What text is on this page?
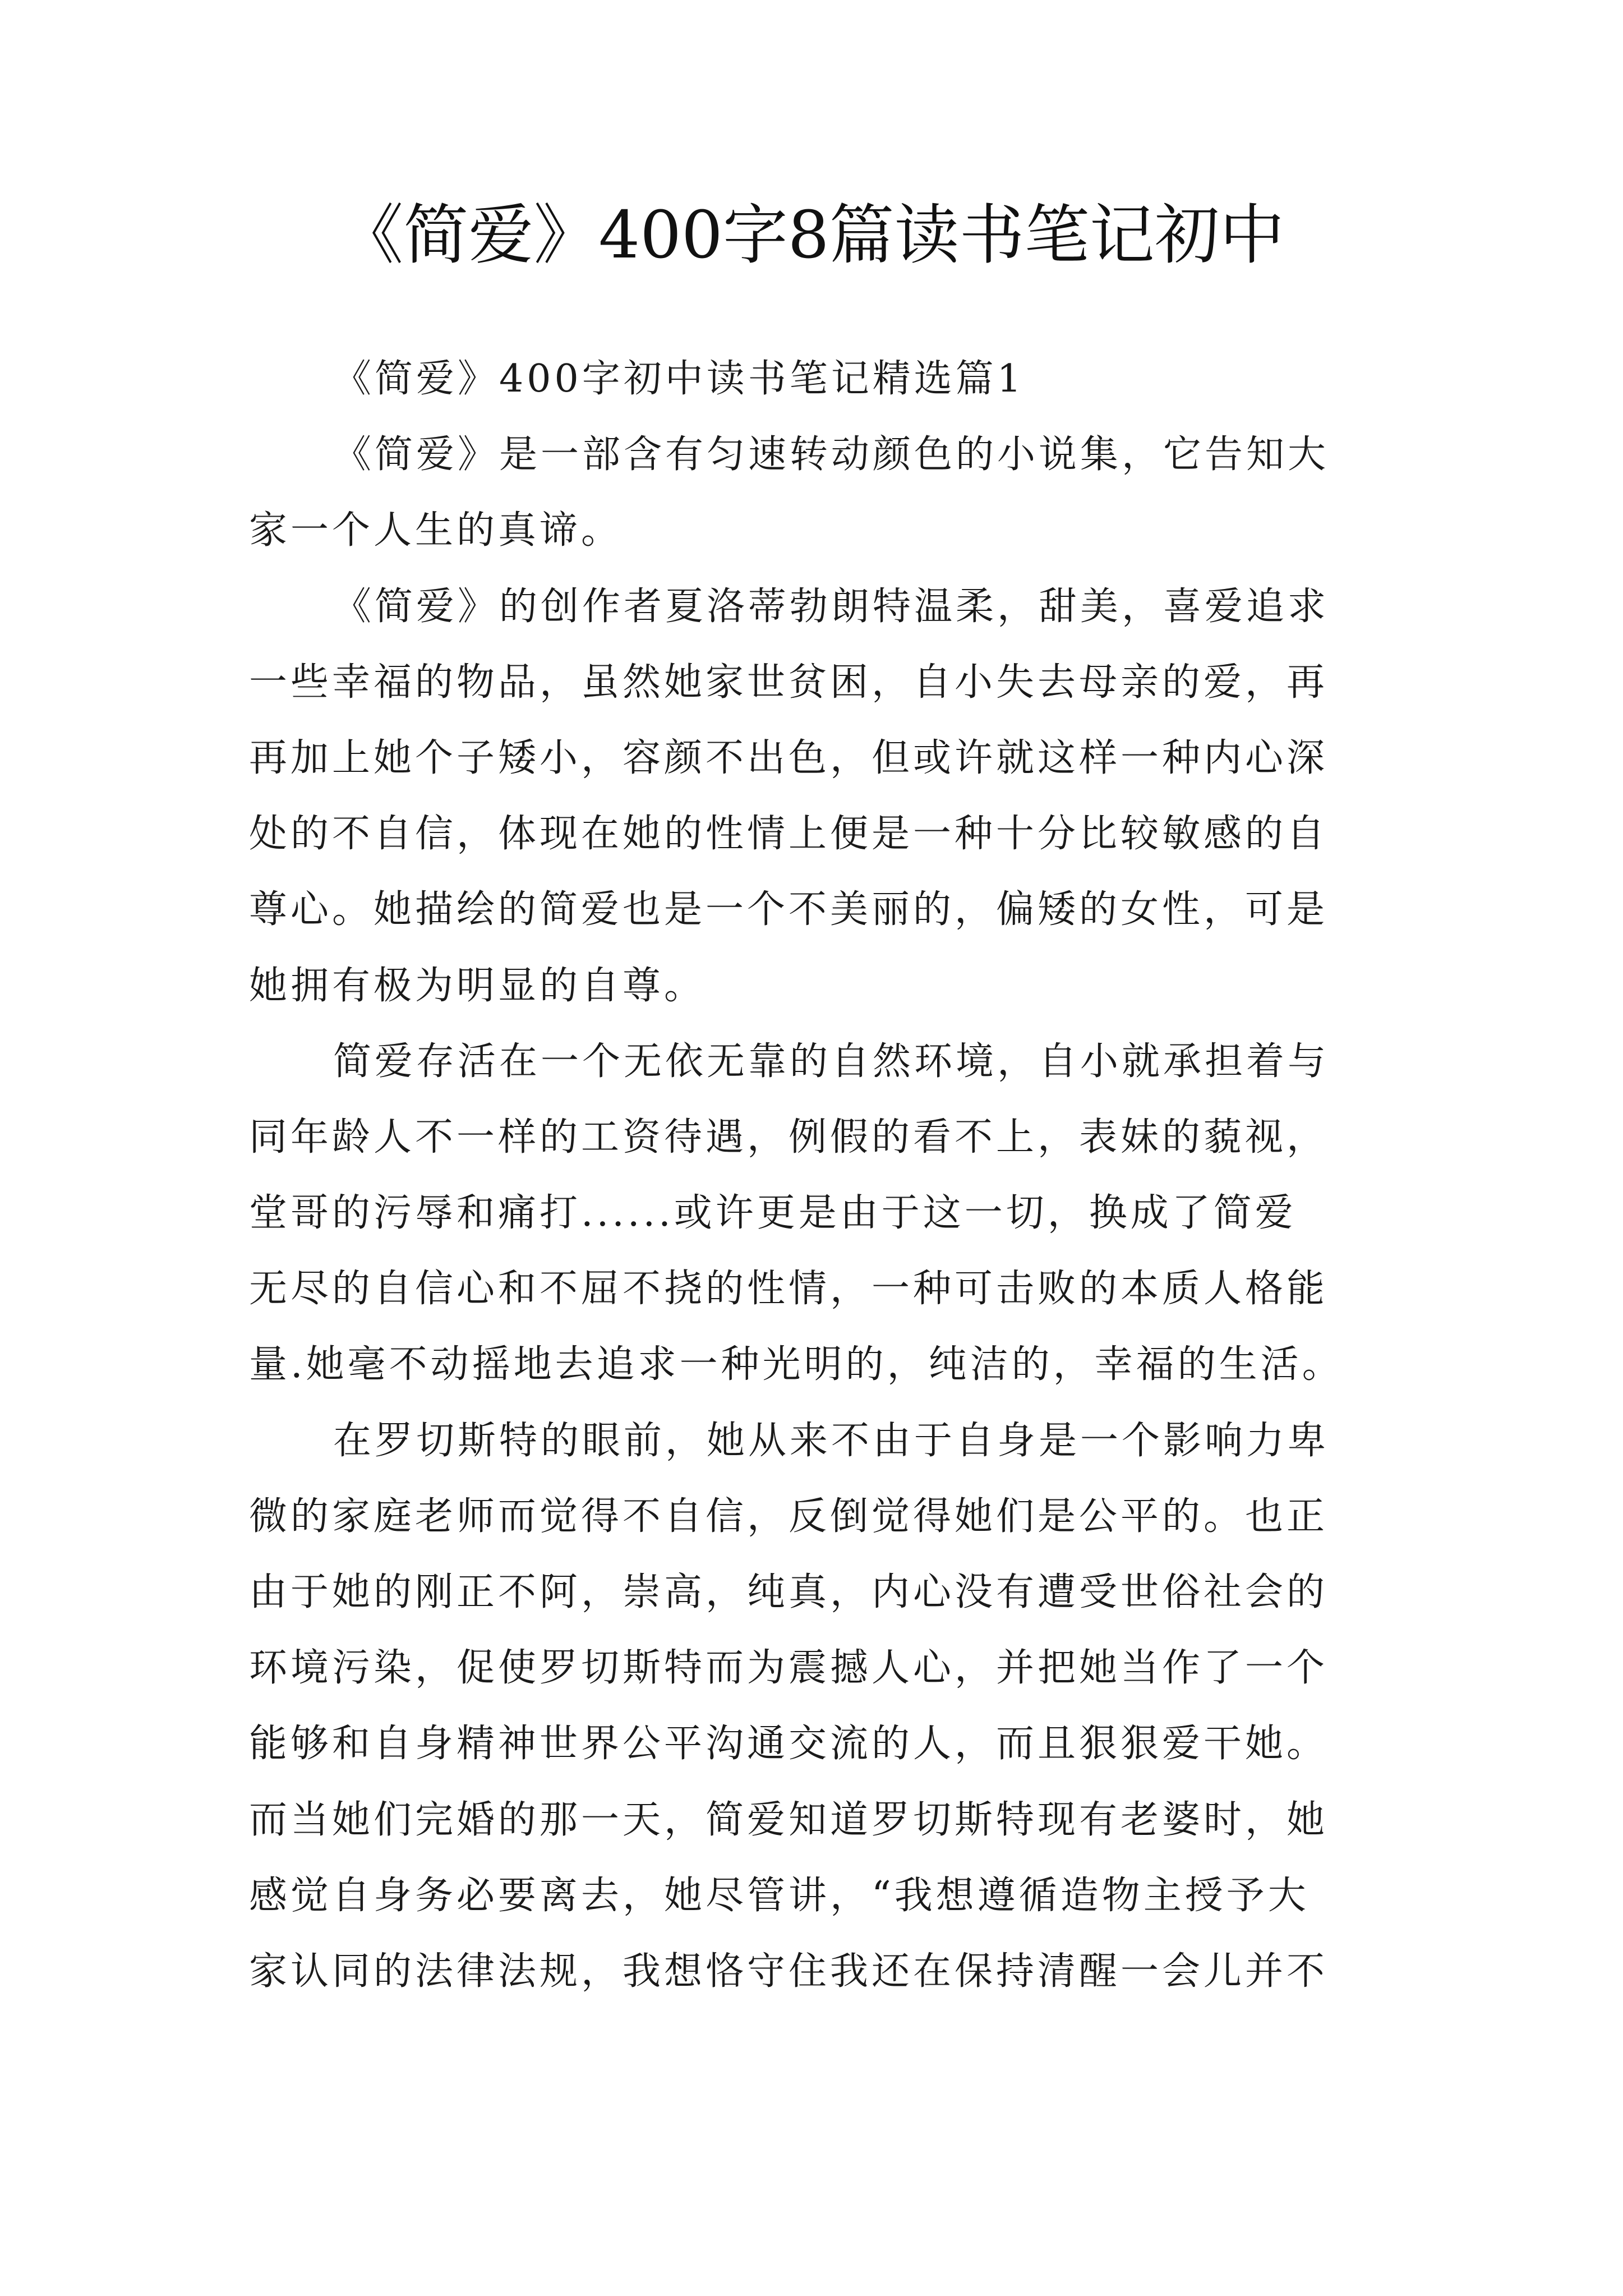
《简爱》400字8篇读书笔记初中
《简爱》400字初中读书笔记精选篇1
《简爱》是一部含有匀速转动颜色的小说集，它告知大
家一个人生的真谛。
《简爱》的创作者夏洛蒂勃朗特温柔，甜美，喜爱追求
一些幸福的物品，虽然她家世贫困，自小失去母亲的爱，再
再加上她个子矮小，容颜不出色，但或许就这样一种内心深
处的不自信，体现在她的性情上便是一种十分比较敏感的自
尊心。她描绘的简爱也是一个不美丽的，偏矮的女性，可是
她拥有极为明显的自尊。
简爱存活在一个无依无靠的自然环境，自小就承担着与
同年龄人不一样的工资待遇，例假的看不上，表妹的藐视，
堂哥的污辱和痛打......或许更是由于这一切，换成了简爱
无尽的自信心和不屈不挠的性情，一种可击败的本质人格能
量.她毫不动摇地去追求一种光明的，纯洁的，幸福的生活。
在罗切斯特的眼前，她从来不由于自身是一个影响力卑
微的家庭老师而觉得不自信，反倒觉得她们是公平的。也正
由于她的刚正不阿，崇高，纯真，内心没有遭受世俗社会的
环境污染，促使罗切斯特而为震撼人心，并把她当作了一个
能够和自身精神世界公平沟通交流的人，而且狠狠爱干她。
而当她们完婚的那一天，简爱知道罗切斯特现有老婆时，她
感觉自身务必要离去，她尽管讲，“我想遵循造物主授予大
家认同的法律法规，我想恪守住我还在保持清醒一会儿并不
